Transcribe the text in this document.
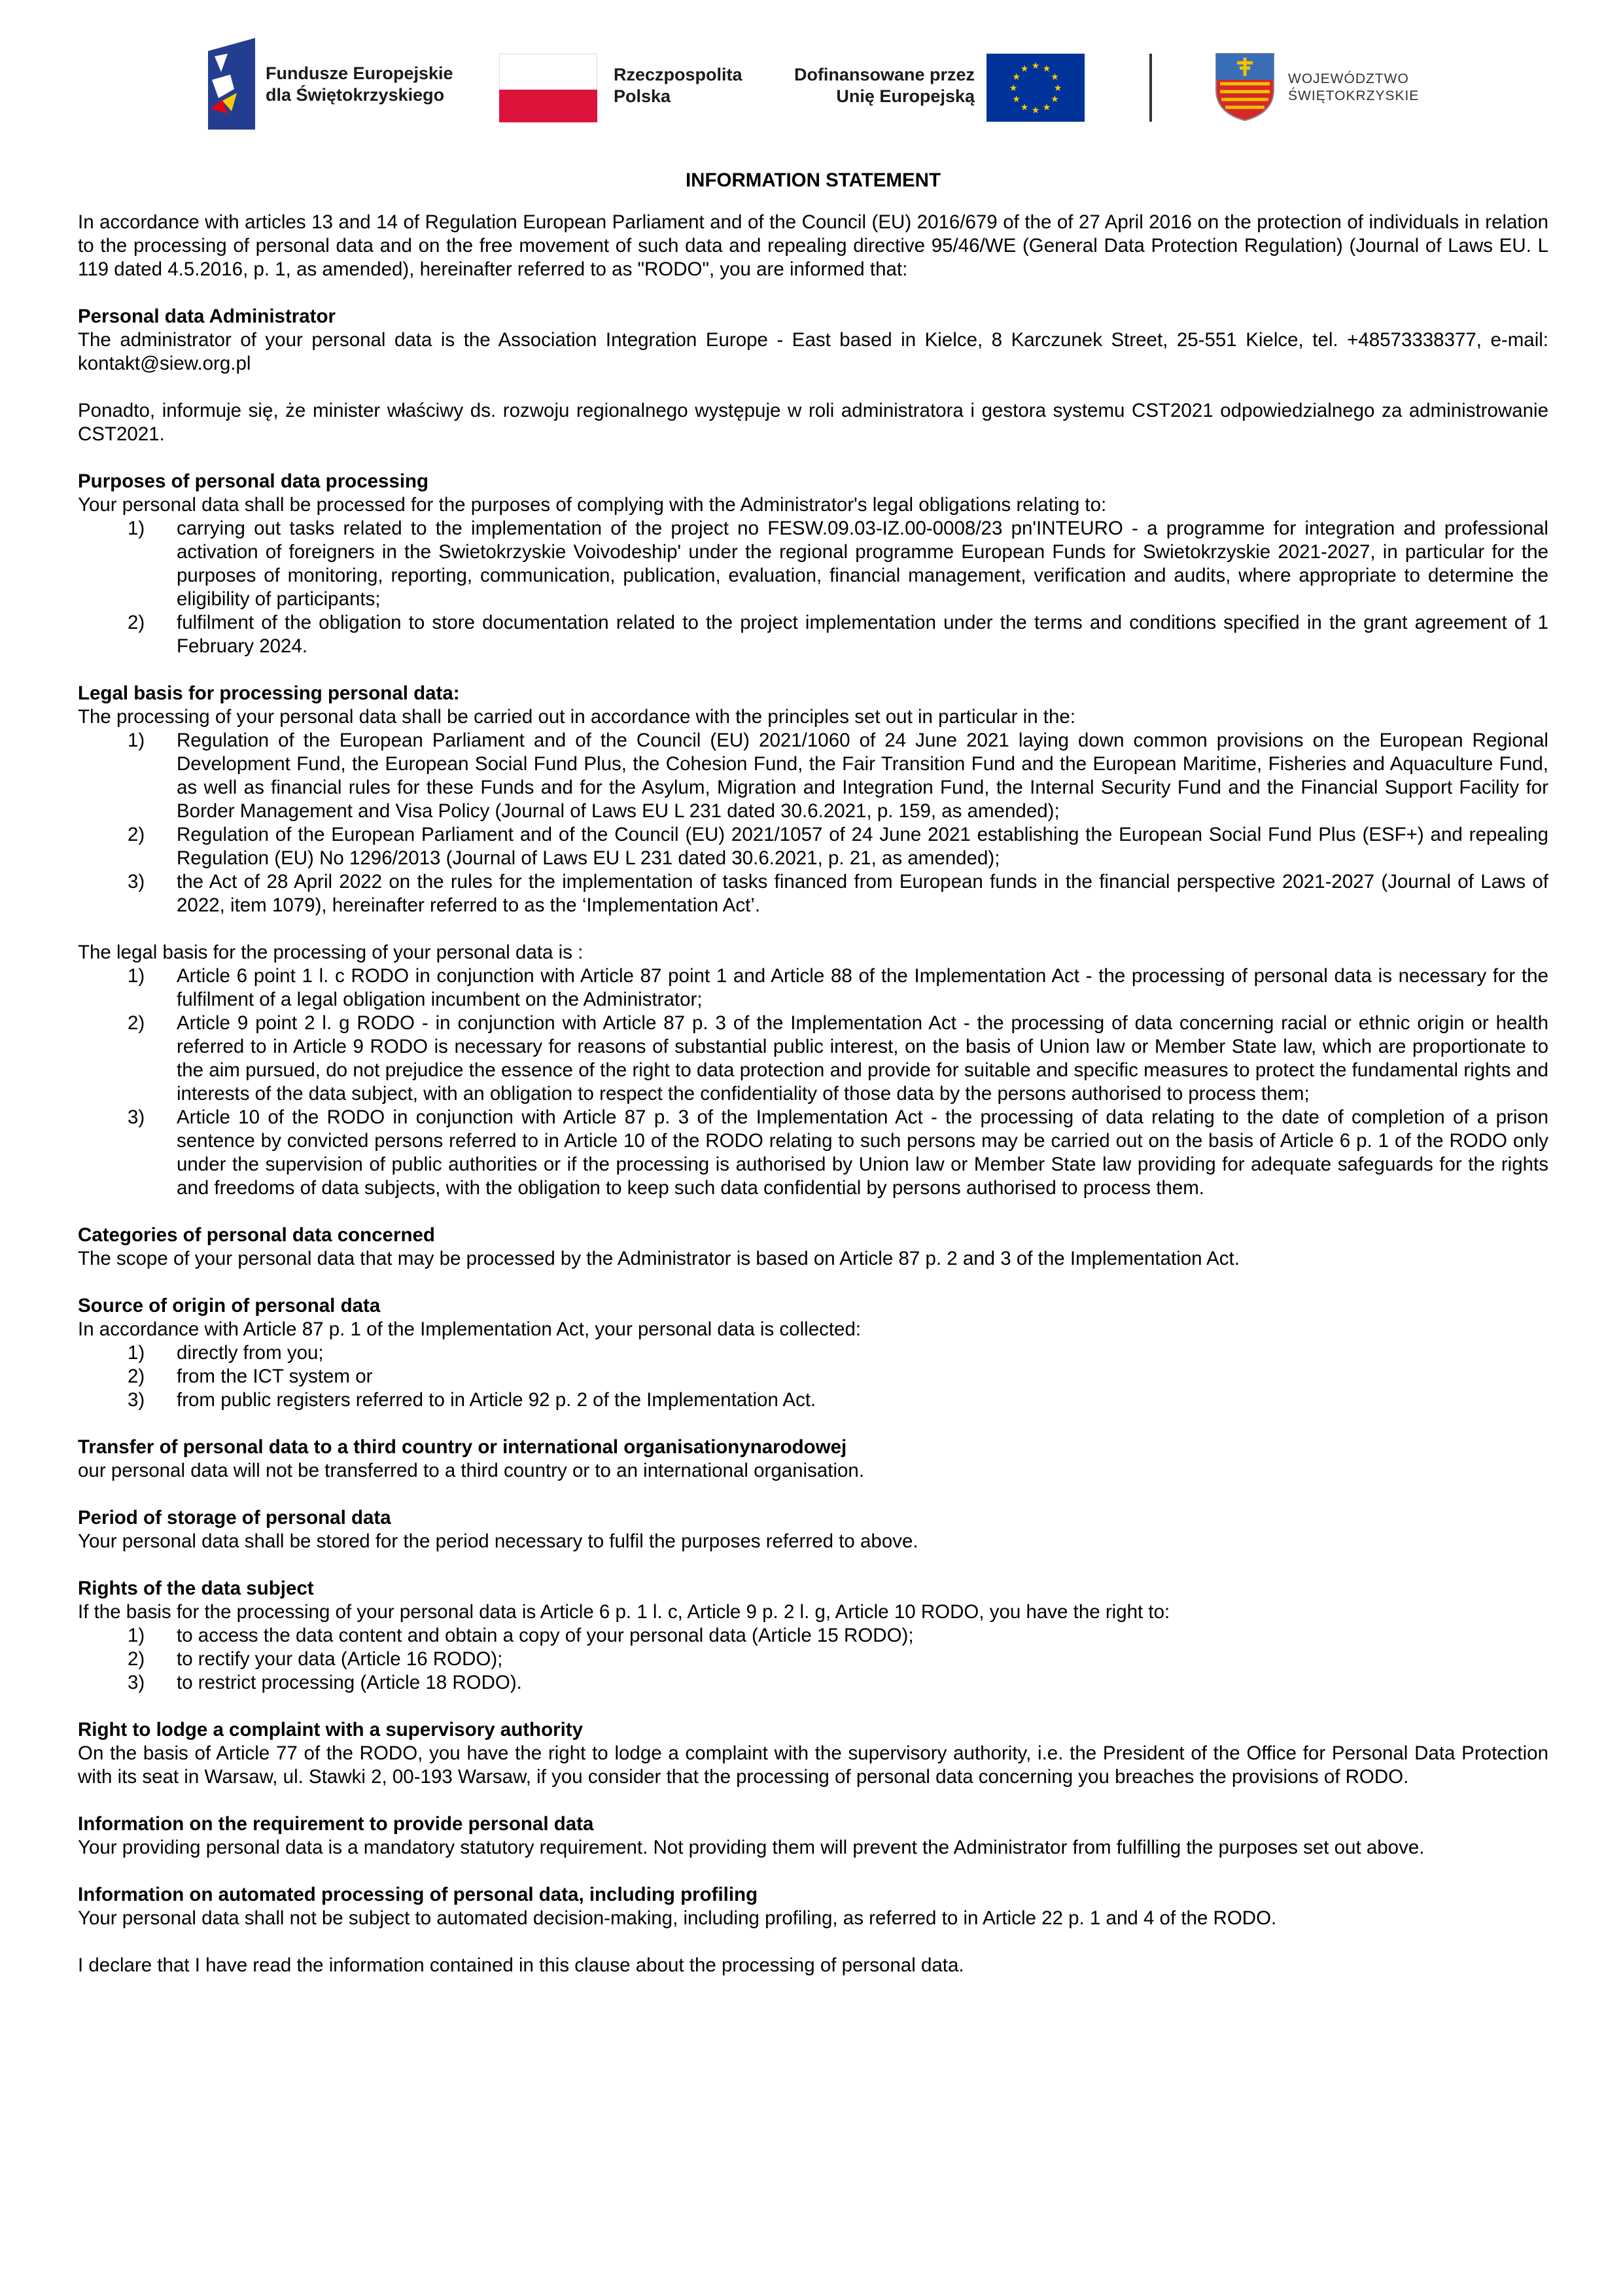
Fundusze Europejskie dla Świętokrzyskiego
Rzeczpospolita Polska
Dofinansowane przez Unię Europejską
★ ★
★
★
★
★
★
★
★
★
★
★
WOJEWÓDZTWO ŚWIĘTOKRZYSKIE

INFORMATION STATEMENT

In accordance with articles 13 and 14 of Regulation European Parliament and of the Council (EU) 2016/679 of the of 27 April 2016 on the protection of individuals in relation to the processing of personal data and on the free movement of such data and repealing directive 95/46/WE (General Data Protection Regulation) (Journal of Laws EU. L 119 dated 4.5.2016, p. 1, as amended), hereinafter referred to as "RODO", you are informed that:

Personal data Administrator

The administrator of your personal data is the Association Integration Europe - East based in Kielce, 8 Karczunek Street, 25-551 Kielce, tel. +48573338377, e-mail: kontakt@siew.org.pl

Ponadto, informuje się, że minister właściwy ds. rozwoju regionalnego występuje w roli administratora i gestora systemu CST2021 odpowiedzialnego za administrowanie CST2021.

Purposes of personal data processing

Your personal data shall be processed for the purposes of complying with the Administrator's legal obligations relating to:

1) carrying out tasks related to the implementation of the project no FESW.09.03-IZ.00-0008/23 pn'INTEURO - a programme for integration and professional activation of foreigners in the Swietokrzyskie Voivodeship' under the regional programme European Funds for Swietokrzyskie 2021-2027, in particular for the purposes of monitoring, reporting, communication, publication, evaluation, financial management, verification and audits, where appropriate to determine the eligibility of participants;
2) fulfilment of the obligation to store documentation related to the project implementation under the terms and conditions specified in the grant agreement of 1 February 2024.

Legal basis for processing personal data:

The processing of your personal data shall be carried out in accordance with the principles set out in particular in the:

1) Regulation of the European Parliament and of the Council (EU) 2021/1060 of 24 June 2021 laying down common provisions on the European Regional Development Fund, the European Social Fund Plus, the Cohesion Fund, the Fair Transition Fund and the European Maritime, Fisheries and Aquaculture Fund, as well as financial rules for these Funds and for the Asylum, Migration and Integration Fund, the Internal Security Fund and the Financial Support Facility for Border Management and Visa Policy (Journal of Laws EU L 231 dated 30.6.2021, p. 159, as amended);
2) Regulation of the European Parliament and of the Council (EU) 2021/1057 of 24 June 2021 establishing the European Social Fund Plus (ESF+) and repealing Regulation (EU) No 1296/2013 (Journal of Laws EU L 231 dated 30.6.2021, p. 21, as amended);
3) the Act of 28 April 2022 on the rules for the implementation of tasks financed from European funds in the financial perspective 2021-2027 (Journal of Laws of 2022, item 1079), hereinafter referred to as the ‘Implementation Act’.

The legal basis for the processing of your personal data is :

1) Article 6 point 1 l. c RODO in conjunction with Article 87 point 1 and Article 88 of the Implementation Act - the processing of personal data is necessary for the fulfilment of a legal obligation incumbent on the Administrator;
2) Article 9 point 2 l. g RODO - in conjunction with Article 87 p. 3 of the Implementation Act - the processing of data concerning racial or ethnic origin or health referred to in Article 9 RODO is necessary for reasons of substantial public interest, on the basis of Union law or Member State law, which are proportionate to the aim pursued, do not prejudice the essence of the right to data protection and provide for suitable and specific measures to protect the fundamental rights and interests of the data subject, with an obligation to respect the confidentiality of those data by the persons authorised to process them;
3) Article 10 of the RODO in conjunction with Article 87 p. 3 of the Implementation Act - the processing of data relating to the date of completion of a prison sentence by convicted persons referred to in Article 10 of the RODO relating to such persons may be carried out on the basis of Article 6 p. 1 of the RODO only under the supervision of public authorities or if the processing is authorised by Union law or Member State law providing for adequate safeguards for the rights and freedoms of data subjects, with the obligation to keep such data confidential by persons authorised to process them.

Categories of personal data concerned

The scope of your personal data that may be processed by the Administrator is based on Article 87 p. 2 and 3 of the Implementation Act.

Source of origin of personal data

In accordance with Article 87 p. 1 of the Implementation Act, your personal data is collected:

1) directly from you;
2) from the ICT system or
3) from public registers referred to in Article 92 p. 2 of the Implementation Act.

Transfer of personal data to a third country or international organisationynarodowej

our personal data will not be transferred to a third country or to an international organisation.

Period of storage of personal data

Your personal data shall be stored for the period necessary to fulfil the purposes referred to above.

Rights of the data subject

If the basis for the processing of your personal data is Article 6 p. 1 l. c, Article 9 p. 2 l. g, Article 10 RODO, you have the right to:

1) to access the data content and obtain a copy of your personal data (Article 15 RODO);
2) to rectify your data (Article 16 RODO);
3) to restrict processing (Article 18 RODO).

Right to lodge a complaint with a supervisory authority

On the basis of Article 77 of the RODO, you have the right to lodge a complaint with the supervisory authority, i.e. the President of the Office for Personal Data Protection with its seat in Warsaw, ul. Stawki 2, 00-193 Warsaw, if you consider that the processing of personal data concerning you breaches the provisions of RODO.

Information on the requirement to provide personal data

Your providing personal data is a mandatory statutory requirement. Not providing them will prevent the Administrator from fulfilling the purposes set out above.

Information on automated processing of personal data, including profiling

Your personal data shall not be subject to automated decision-making, including profiling, as referred to in Article 22 p. 1 and 4 of the RODO.

I declare that I have read the information contained in this clause about the processing of personal data.
